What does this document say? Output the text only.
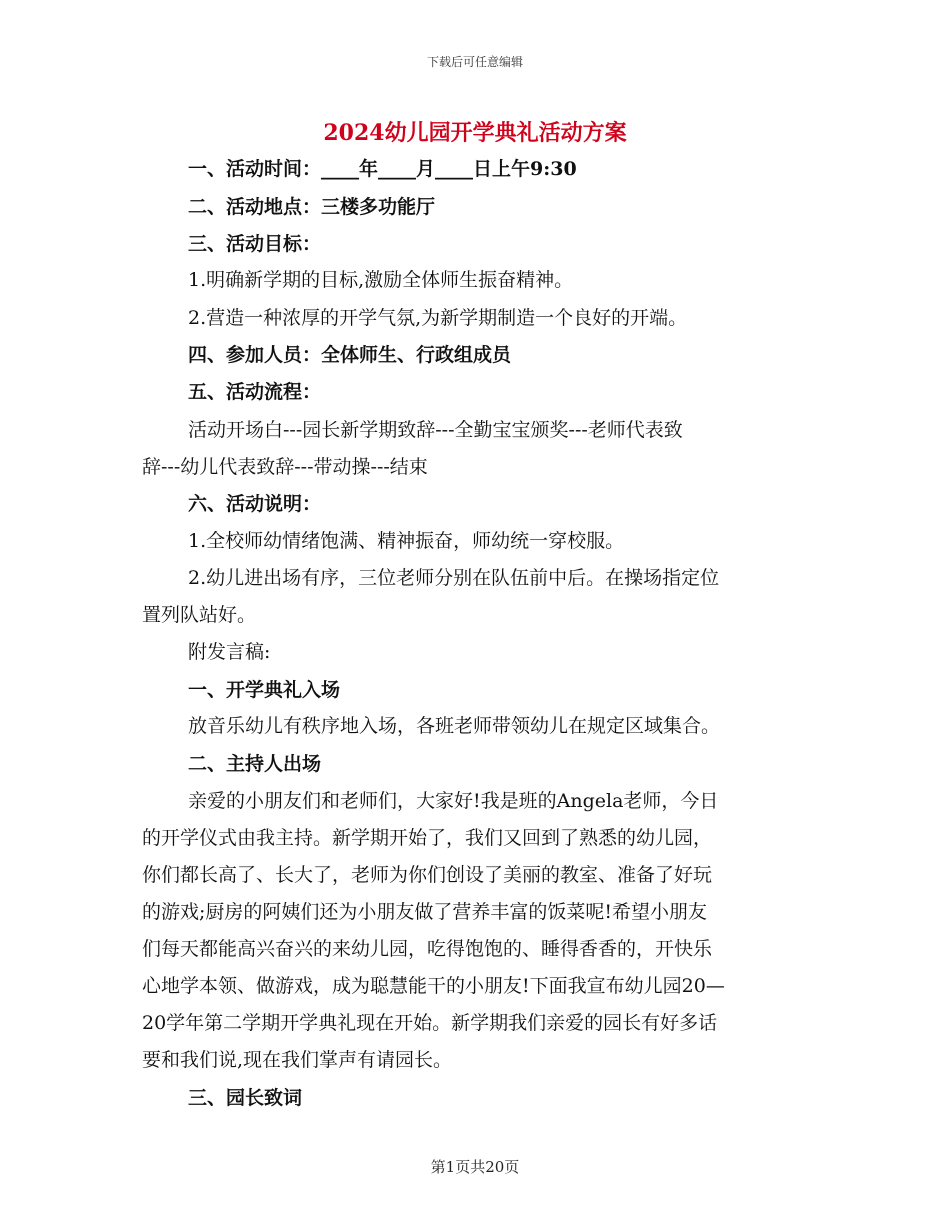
下载后可任意编辑
2024幼儿园开学典礼活动方案
一、活动时间：____年____月____日上午9:30
二、活动地点：三楼多功能厅
三、活动目标：
1.明确新学期的目标,激励全体师生振奋精神。
2.营造一种浓厚的开学气氛,为新学期制造一个良好的开端。
四、参加人员：全体师生、行政组成员
五、活动流程：
活动开场白---园长新学期致辞---全勤宝宝颁奖---老师代表致
辞---幼儿代表致辞---带动操---结束
六、活动说明：
1.全校师幼情绪饱满、精神振奋，师幼统一穿校服。
2.幼儿进出场有序，三位老师分别在队伍前中后。在操场指定位
置列队站好。
附发言稿:
一、开学典礼入场
放音乐幼儿有秩序地入场，各班老师带领幼儿在规定区域集合。
二、主持人出场
亲爱的小朋友们和老师们，大家好!我是班的Angela老师，今日
的开学仪式由我主持。新学期开始了，我们又回到了熟悉的幼儿园，
你们都长高了、长大了，老师为你们创设了美丽的教室、准备了好玩
的游戏;厨房的阿姨们还为小朋友做了营养丰富的饭菜呢!希望小朋友
们每天都能高兴奋兴的来幼儿园，吃得饱饱的、睡得香香的，开快乐
心地学本领、做游戏，成为聪慧能干的小朋友!下面我宣布幼儿园20—
20学年第二学期开学典礼现在开始。新学期我们亲爱的园长有好多话
要和我们说,现在我们掌声有请园长。
三、园长致词
第1页共20页
